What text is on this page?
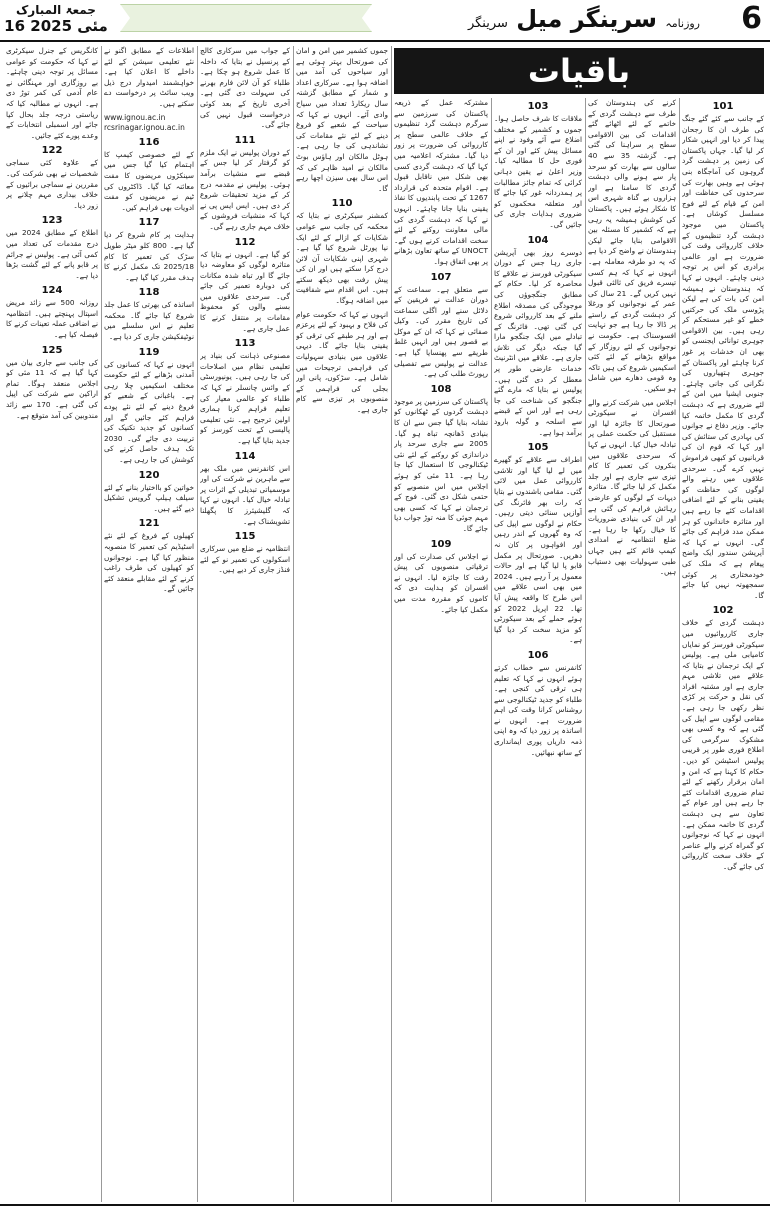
6
روزنامہ سرینگر میل سرینگر
جمعۃ المبارک
16 مئی 2025
باقیات
101

کے جانب سے کئے گئے جنگ کی طرف ان کا رجحان پیدا کر دیا اور انہیں شکار کر لیا گیا۔ جہاں پاکستان کی زمین پر دہشت گرد گروہوں کی آماجگاہ بنی ہوئی ہے وہیں بھارت کی سرحدوں کی حفاظت اور امن کے قیام کے لئے فوج مسلسل کوشاں ہے۔ پاکستان میں موجود دہشت گرد تنظیموں کے خلاف کارروائی وقت کی ضرورت ہے اور عالمی برادری کو اس پر توجہ دینی چاہئے۔ انہوں نے کہا کہ ہندوستان نے ہمیشہ امن کی بات کی ہے لیکن پڑوسی ملک کی حرکتیں خطے کو غیر مستحکم کر رہی ہیں۔ بین الاقوامی جوہری توانائی ایجنسی کو بھی ان خدشات پر غور کرنا چاہئے اور پاکستان کے جوہری ہتھیاروں کی نگرانی کی جانی چاہئے۔ جنوبی ایشیا میں امن کے لئے ضروری ہے کہ دہشت گردی کا مکمل خاتمہ کیا جائے۔ وزیر دفاع نے جوانوں کی بہادری کی ستائش کی اور کہا کہ قوم ان کی قربانیوں کو کبھی فراموش نہیں کرے گی۔ سرحدی علاقوں میں رہنے والے لوگوں کی حفاظت کو یقینی بنانے کے لئے اضافی اقدامات کئے جا رہے ہیں اور متاثرہ خاندانوں کو ہر ممکن مدد فراہم کی جائے گی۔ انہوں نے کہا کہ آپریشن سندور ایک واضح پیغام ہے کہ ملک کی خودمختاری پر کوئی سمجھوتہ نہیں کیا جائے گا۔

102

دہشت گردی کے خلاف جاری کارروائیوں میں سیکورٹی فورسز کو نمایاں کامیابی ملی ہے۔ پولیس کے ایک ترجمان نے بتایا کہ علاقے میں تلاشی مہم جاری ہے اور مشتبہ افراد کی نقل و حرکت پر کڑی نظر رکھی جا رہی ہے۔ مقامی لوگوں سے اپیل کی گئی ہے کہ وہ کسی بھی مشکوک سرگرمی کی اطلاع فوری طور پر قریبی پولیس اسٹیشن کو دیں۔ حکام کا کہنا ہے کہ امن و امان برقرار رکھنے کے لئے تمام ضروری اقدامات کئے جا رہے ہیں اور عوام کے تعاون سے ہی دہشت گردی کا خاتمہ ممکن ہے۔ انہوں نے کہا کہ نوجوانوں کو گمراہ کرنے والے عناصر کے خلاف سخت کارروائی کی جائے گی۔

کرنے کی ہندوستان کی طرف سے دہشت گردی کے خاتمے کے لئے اٹھائے گئے اقدامات کی بین الاقوامی سطح پر سراہنا کی گئی ہے۔ گزشتہ 35 سے 40 سالوں سے بھارت کو سرحد پار سے ہونے والی دہشت گردی کا سامنا ہے اور ہزاروں بے گناہ شہری اس کا شکار ہوئے ہیں۔ پاکستان کی کوشش ہمیشہ یہ رہی ہے کہ کشمیر کا مسئلہ بین الاقوامی بنایا جائے لیکن ہندوستان نے واضح کر دیا ہے کہ یہ دو طرفہ معاملہ ہے۔ انہوں نے کہا کہ ہم کسی تیسرے فریق کی ثالثی قبول نہیں کریں گے۔ 21 سال کی عمر کے نوجوانوں کو ورغلا کر دہشت گردی کے راستے پر ڈالا جا رہا ہے جو نہایت افسوسناک ہے۔ حکومت نے نوجوانوں کے لئے روزگار کے مواقع بڑھانے کے لئے کئی اسکیمیں شروع کی ہیں تاکہ وہ قومی دھارے میں شامل ہو سکیں۔

اجلاس میں شرکت کرنے والے افسران نے سیکورٹی صورتحال کا جائزہ لیا اور مستقبل کی حکمت عملی پر تبادلہ خیال کیا۔ انہوں نے کہا کہ سرحدی علاقوں میں بنکروں کی تعمیر کا کام تیزی سے جاری ہے اور جلد مکمل کر لیا جائے گا۔ متاثرہ دیہات کے لوگوں کو عارضی رہائش فراہم کی گئی ہے اور ان کی بنیادی ضروریات کا خیال رکھا جا رہا ہے۔ ضلع انتظامیہ نے امدادی کیمپ قائم کئے ہیں جہاں طبی سہولیات بھی دستیاب ہیں۔

103

ملاقات کا شرف حاصل ہوا۔ جموں و کشمیر کے مختلف اضلاع سے آئے وفود نے اپنے مسائل پیش کئے اور ان کے فوری حل کا مطالبہ کیا۔ وزیر اعلیٰ نے یقین دہانی کرائی کہ تمام جائز مطالبات پر ہمدردانہ غور کیا جائے گا اور متعلقہ محکموں کو ضروری ہدایات جاری کی جائیں گی۔

104

دوسرے روز بھی آپریشن جاری رہا جس کے دوران سیکورٹی فورسز نے علاقے کا محاصرہ کر لیا۔ حکام کے مطابق جنگجوؤں کی موجودگی کی مصدقہ اطلاع ملنے کے بعد کارروائی شروع کی گئی تھی۔ فائرنگ کے تبادلے میں ایک جنگجو مارا گیا جبکہ دیگر کی تلاش جاری ہے۔ علاقے میں انٹرنیٹ خدمات عارضی طور پر معطل کر دی گئی ہیں۔ پولیس نے بتایا کہ مارے گئے جنگجو کی شناخت کی جا رہی ہے اور اس کے قبضے سے اسلحہ و گولہ بارود برآمد ہوا ہے۔

105

اطراف سے علاقے کو گھیرے میں لے لیا گیا اور تلاشی کارروائی عمل میں لائی گئی۔ مقامی باشندوں نے بتایا کہ رات بھر فائرنگ کی آوازیں سنائی دیتی رہیں۔ حکام نے لوگوں سے اپیل کی کہ وہ گھروں کے اندر رہیں اور افواہوں پر کان نہ دھریں۔ صورتحال پر مکمل قابو پا لیا گیا ہے اور حالات معمول پر آ رہے ہیں۔ 2024 میں بھی اسی علاقے میں اس طرح کا واقعہ پیش آیا تھا۔ 22 اپریل 2022 کو ہوئے حملے کے بعد سیکورٹی کو مزید سخت کر دیا گیا ہے۔

106

کانفرنس سے خطاب کرتے ہوئے انہوں نے کہا کہ تعلیم ہی ترقی کی کنجی ہے۔ طلباء کو جدید ٹیکنالوجی سے روشناس کرانا وقت کی اہم ضرورت ہے۔ انہوں نے اساتذہ پر زور دیا کہ وہ اپنی ذمہ داریاں پوری ایمانداری کے ساتھ نبھائیں۔

مشترکہ عمل کے ذریعہ پاکستان کی سرزمین سے سرگرم دہشت گرد تنظیموں کے خلاف عالمی سطح پر کارروائی کی ضرورت پر زور دیا گیا۔ مشترکہ اعلامیہ میں کہا گیا کہ دہشت گردی کسی بھی شکل میں ناقابل قبول ہے۔ اقوام متحدہ کی قرارداد 1267 کے تحت پابندیوں کا نفاذ یقینی بنایا جانا چاہئے۔ انہوں نے کہا کہ دہشت گردی کی مالی معاونت روکنے کے لئے سخت اقدامات کرنے ہوں گے۔ UNOCT کے ساتھ تعاون بڑھانے پر بھی اتفاق ہوا۔

107

سے متعلق ہے۔ سماعت کے دوران عدالت نے فریقین کے دلائل سنے اور اگلی سماعت کی تاریخ مقرر کی۔ وکیل صفائی نے کہا کہ ان کے موکل بے قصور ہیں اور انہیں غلط طریقے سے پھنسایا گیا ہے۔ عدالت نے پولیس سے تفصیلی رپورٹ طلب کی ہے۔

108

پاکستان کی سرزمین پر موجود دہشت گردوں کے ٹھکانوں کو نشانہ بنایا گیا جس سے ان کا بنیادی ڈھانچہ تباہ ہو گیا۔ 2005 سے جاری سرحد پار دراندازی کو روکنے کے لئے نئی ٹیکنالوجی کا استعمال کیا جا رہا ہے۔ 11 مئی کو ہوئے اجلاس میں اس منصوبے کو حتمی شکل دی گئی۔ فوج کے ترجمان نے کہا کہ کسی بھی مہم جوئی کا منہ توڑ جواب دیا جائے گا۔

109

نے اجلاس کی صدارت کی اور ترقیاتی منصوبوں کی پیش رفت کا جائزہ لیا۔ انہوں نے افسران کو ہدایت دی کہ کاموں کو مقررہ مدت میں مکمل کیا جائے۔

جموں کشمیر میں امن و امان کی صورتحال بہتر ہوئی ہے اور سیاحوں کی آمد میں اضافہ ہوا ہے۔ سرکاری اعداد و شمار کے مطابق گزشتہ سال ریکارڈ تعداد میں سیاح وادی آئے۔ انہوں نے کہا کہ سیاحت کے شعبے کو فروغ دینے کے لئے نئے مقامات کی نشاندہی کی جا رہی ہے۔ ہوٹل مالکان اور ہاؤس بوٹ مالکان نے امید ظاہر کی کہ اس سال بھی سیزن اچھا رہے گا۔

110

کمشنر سیکرٹری نے بتایا کہ محکمہ کی جانب سے عوامی شکایات کے ازالے کے لئے ایک نیا پورٹل شروع کیا گیا ہے۔ شہری اپنی شکایات آن لائن درج کرا سکتے ہیں اور ان کی پیش رفت بھی دیکھ سکتے ہیں۔ اس اقدام سے شفافیت میں اضافہ ہوگا۔

انہوں نے کہا کہ حکومت عوام کی فلاح و بہبود کے لئے پرعزم ہے اور ہر طبقے کی ترقی کو یقینی بنایا جائے گا۔ دیہی علاقوں میں بنیادی سہولیات کی فراہمی ترجیحات میں شامل ہے۔ سڑکوں، پانی اور بجلی کی فراہمی کے منصوبوں پر تیزی سے کام جاری ہے۔

کے جواب میں سرکاری کالج کے پرنسپل نے بتایا کہ داخلہ کا عمل شروع ہو چکا ہے۔ طلباء کو آن لائن فارم بھرنے کی سہولت دی گئی ہے۔ آخری تاریخ کے بعد کوئی درخواست قبول نہیں کی جائے گی۔

111

کے دوران پولیس نے ایک ملزم کو گرفتار کر لیا جس کے قبضے سے منشیات برآمد ہوئی۔ پولیس نے مقدمہ درج کر کے مزید تحقیقات شروع کر دی ہیں۔ ایس ایس پی نے کہا کہ منشیات فروشوں کے خلاف مہم جاری رہے گی۔

112

کو گیا ہے۔ انہوں نے بتایا کہ متاثرہ لوگوں کو معاوضہ دیا جائے گا اور تباہ شدہ مکانات کی دوبارہ تعمیر کی جائے گی۔ سرحدی علاقوں میں بسنے والوں کو محفوظ مقامات پر منتقل کرنے کا عمل جاری ہے۔

113

مصنوعی ذہانت کی بنیاد پر تعلیمی نظام میں اصلاحات کی جا رہی ہیں۔ یونیورسٹی کے وائس چانسلر نے کہا کہ طلباء کو عالمی معیار کی تعلیم فراہم کرنا ہماری اولین ترجیح ہے۔ نئی تعلیمی پالیسی کے تحت کورسز کو جدید بنایا گیا ہے۔

114

اس کانفرنس میں ملک بھر سے ماہرین نے شرکت کی اور موسمیاتی تبدیلی کے اثرات پر تبادلہ خیال کیا۔ انہوں نے کہا کہ گلیشیئرز کا پگھلنا تشویشناک ہے۔

115

انتظامیہ نے ضلع میں سرکاری اسکولوں کی تعمیر نو کے لئے فنڈز جاری کر دیے ہیں۔

اطلاعات کے مطابق اگنو نے نئے تعلیمی سیشن کے لئے داخلے کا اعلان کیا ہے۔ خواہشمند امیدوار درج ذیل ویب سائٹ پر درخواست دے سکتے ہیں۔

www.ignou.ac.in
rcsrinagar.ignou.ac.in
116

کے لئے خصوصی کیمپ کا اہتمام کیا گیا جس میں سینکڑوں مریضوں کا مفت معائنہ کیا گیا۔ ڈاکٹروں کی ٹیم نے مریضوں کو مفت ادویات بھی فراہم کیں۔

117

ہدایت پر کام شروع کر دیا گیا ہے۔ 800 کلو میٹر طویل سڑک کی تعمیر کا کام 2025/18 تک مکمل کرنے کا ہدف مقرر کیا گیا ہے۔

118

اساتذہ کی بھرتی کا عمل جلد شروع کیا جائے گا۔ محکمہ تعلیم نے اس سلسلے میں نوٹیفکیشن جاری کر دیا ہے۔

119

انہوں نے کہا کہ کسانوں کی آمدنی بڑھانے کے لئے حکومت مختلف اسکیمیں چلا رہی ہے۔ باغبانی کے شعبے کو فروغ دینے کے لئے نئے پودے فراہم کئے جائیں گے اور کسانوں کو جدید تکنیک کی تربیت دی جائے گی۔ 2030 تک ہدف حاصل کرنے کی کوشش کی جا رہی ہے۔

120

خواتین کو بااختیار بنانے کے لئے سیلف ہیلپ گروپس تشکیل دیے گئے ہیں۔

121

کھیلوں کے فروغ کے لئے نئے اسٹیڈیم کی تعمیر کا منصوبہ منظور کیا گیا ہے۔ نوجوانوں کو کھیلوں کی طرف راغب کرنے کے لئے مقابلے منعقد کئے جائیں گے۔

کانگریس کے جنرل سیکرٹری نے کہا کہ حکومت کو عوامی مسائل پر توجہ دینی چاہئے۔ بے روزگاری اور مہنگائی نے عام آدمی کی کمر توڑ دی ہے۔ انہوں نے مطالبہ کیا کہ ریاستی درجہ جلد بحال کیا جائے اور اسمبلی انتخابات کے وعدے پورے کئے جائیں۔

122

کے علاوہ کئی سماجی شخصیات نے بھی شرکت کی۔ مقررین نے سماجی برائیوں کے خلاف بیداری مہم چلانے پر زور دیا۔

123

اطلاع کے مطابق 2024 میں درج مقدمات کی تعداد میں کمی آئی ہے۔ پولیس نے جرائم پر قابو پانے کے لئے گشت بڑھا دیا ہے۔

124

روزانہ 500 سے زائد مریض اسپتال پہنچتے ہیں۔ انتظامیہ نے اضافی عملہ تعینات کرنے کا فیصلہ کیا ہے۔

125

کی جانب سے جاری بیان میں کہا گیا ہے کہ 11 مئی کو اجلاس منعقد ہوگا۔ تمام اراکین سے شرکت کی اپیل کی گئی ہے۔ 170 سے زائد مندوبین کی آمد متوقع ہے۔
